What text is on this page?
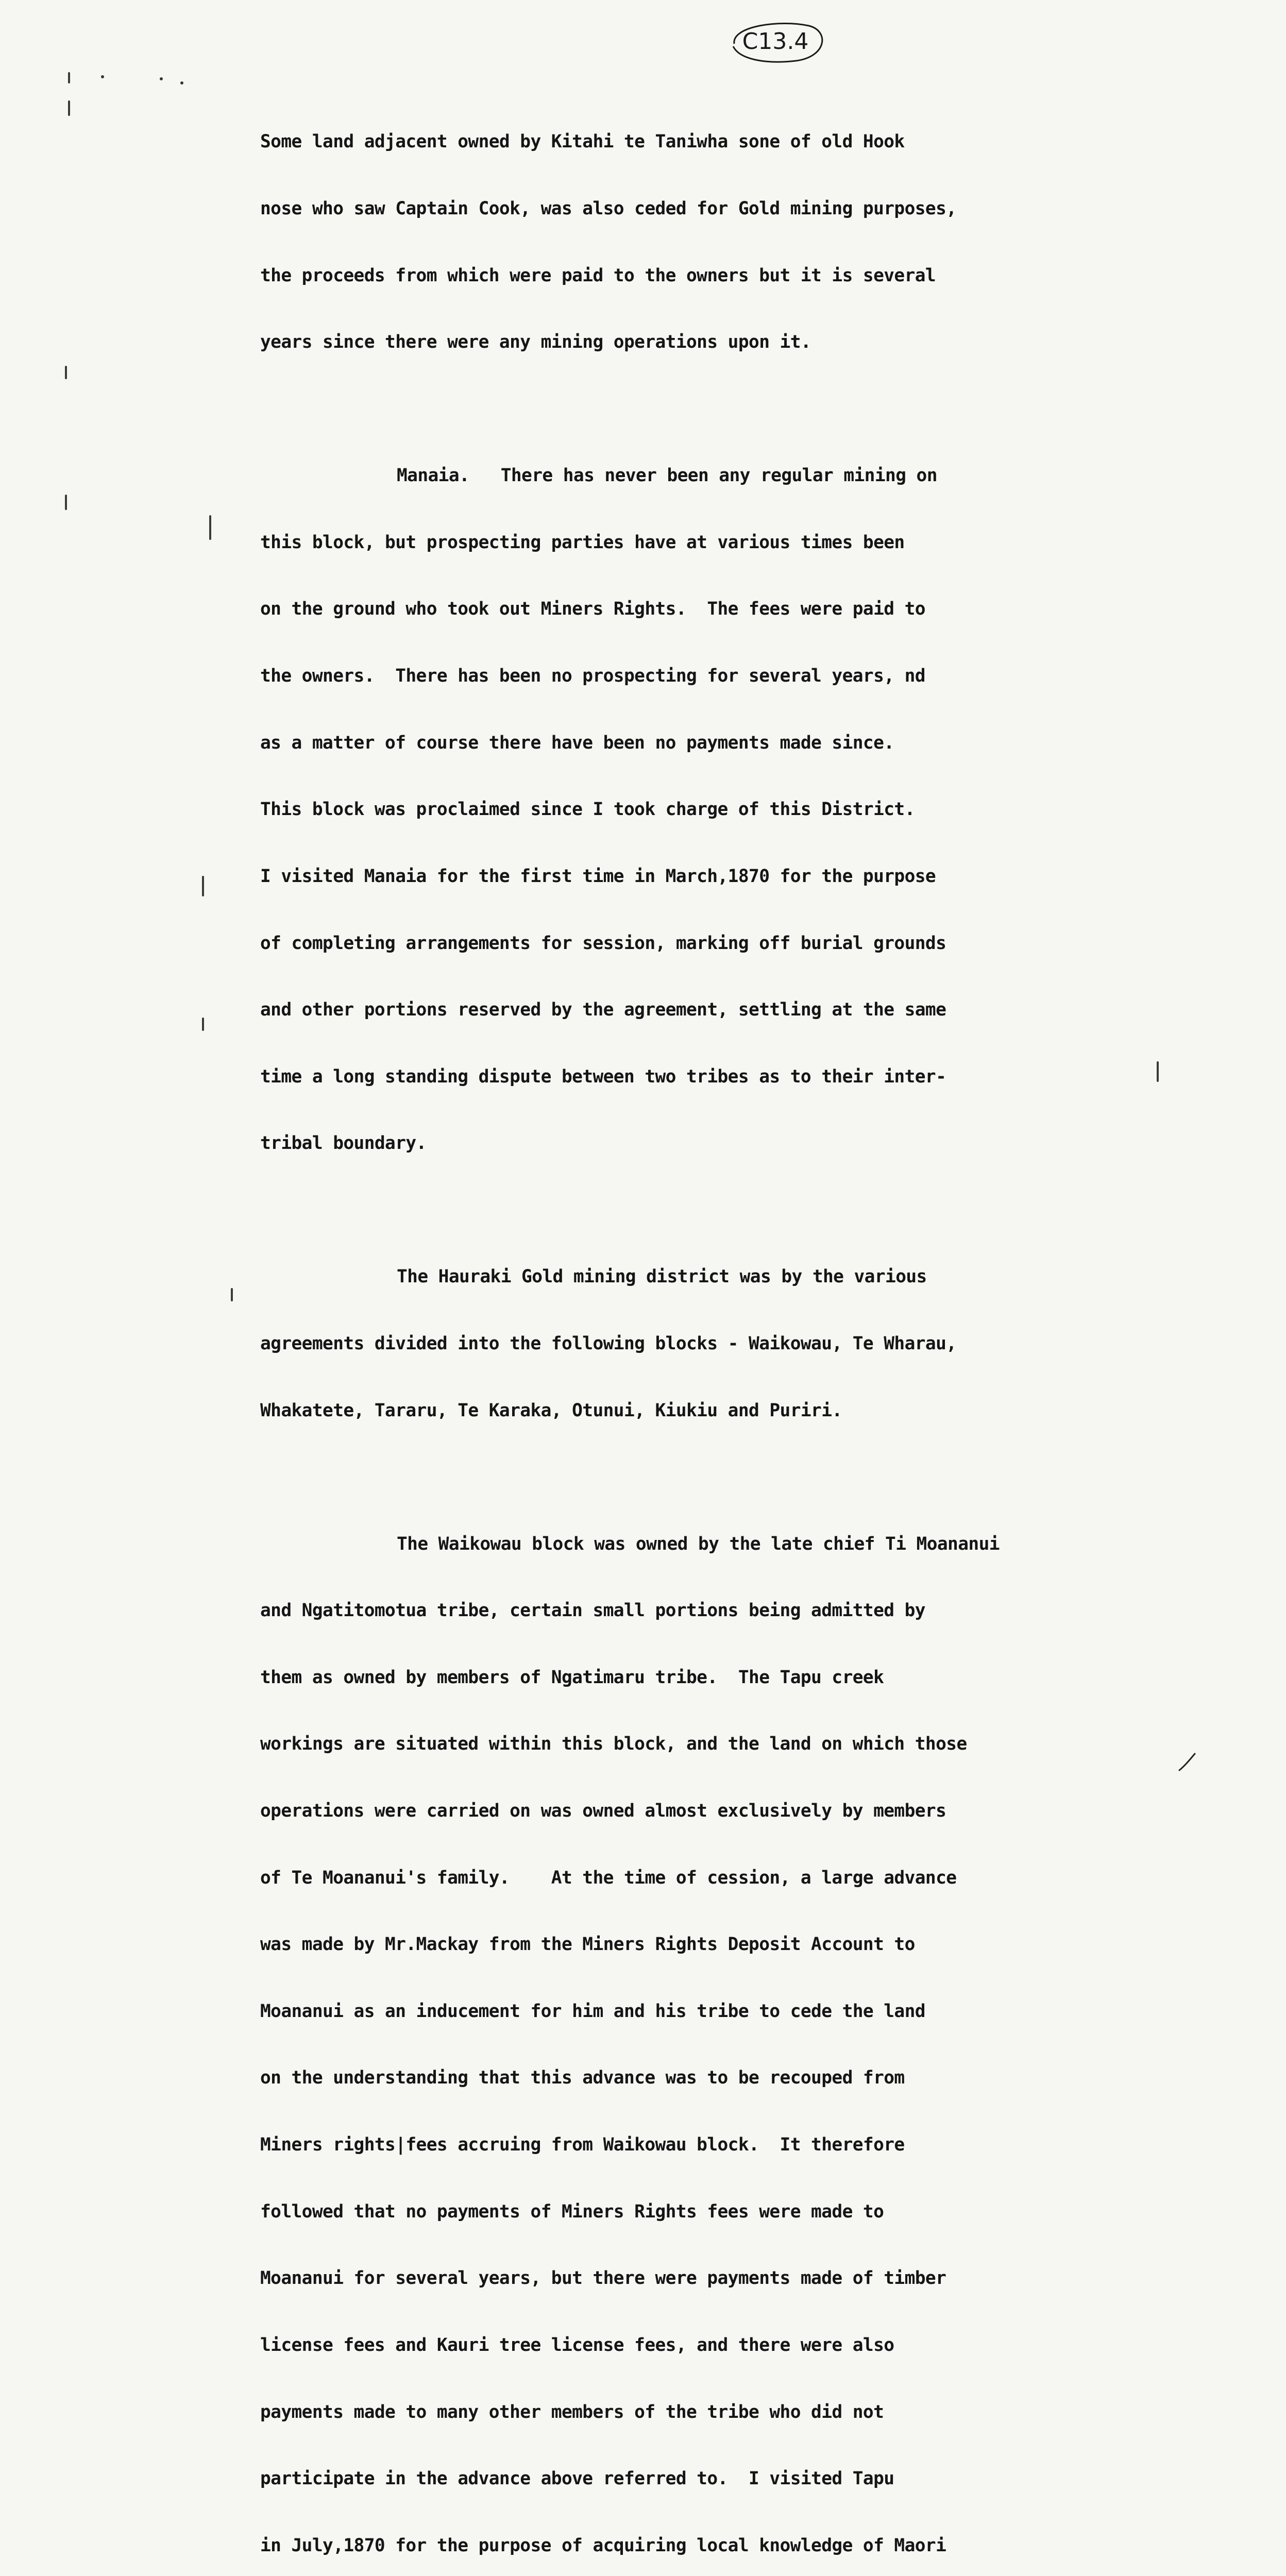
C13.4

Some land adjacent owned by Kitahi te Taniwha sone of old Hook

nose who saw Captain Cook, was also ceded for Gold mining purposes,

the proceeds from which were paid to the owners but it is several

years since there were any mining operations upon it.

Manaia.   There has never been any regular mining on

this block, but prospecting parties have at various times been

on the ground who took out Miners Rights.  The fees were paid to

the owners.  There has been no prospecting for several years, nd

as a matter of course there have been no payments made since.

This block was proclaimed since I took charge of this District.

I visited Manaia for the first time in March,1870 for the purpose

of completing arrangements for session, marking off burial grounds

and other portions reserved by the agreement, settling at the same

time a long standing dispute between two tribes as to their inter-

tribal boundary.

The Hauraki Gold mining district was by the various

agreements divided into the following blocks - Waikowau, Te Wharau,

Whakatete, Tararu, Te Karaka, Otunui, Kiukiu and Puriri.

The Waikowau block was owned by the late chief Ti Moananui

and Ngatitomotua tribe, certain small portions being admitted by

them as owned by members of Ngatimaru tribe.  The Tapu creek

workings are situated within this block, and the land on which those

operations were carried on was owned almost exclusively by members

of Te Moananui's family.    At the time of cession, a large advance

was made by Mr.Mackay from the Miners Rights Deposit Account to

Moananui as an inducement for him and his tribe to cede the land

on the understanding that this advance was to be recouped from

Miners rights|fees accruing from Waikowau block.  It therefore

followed that no payments of Miners Rights fees were made to

Moananui for several years, but there were payments made of timber

license fees and Kauri tree license fees, and there were also

payments made to many other members of the tribe who did not

participate in the advance above referred to.  I visited Tapu

in July,1870 for the purpose of acquiring local knowledge of Maori
